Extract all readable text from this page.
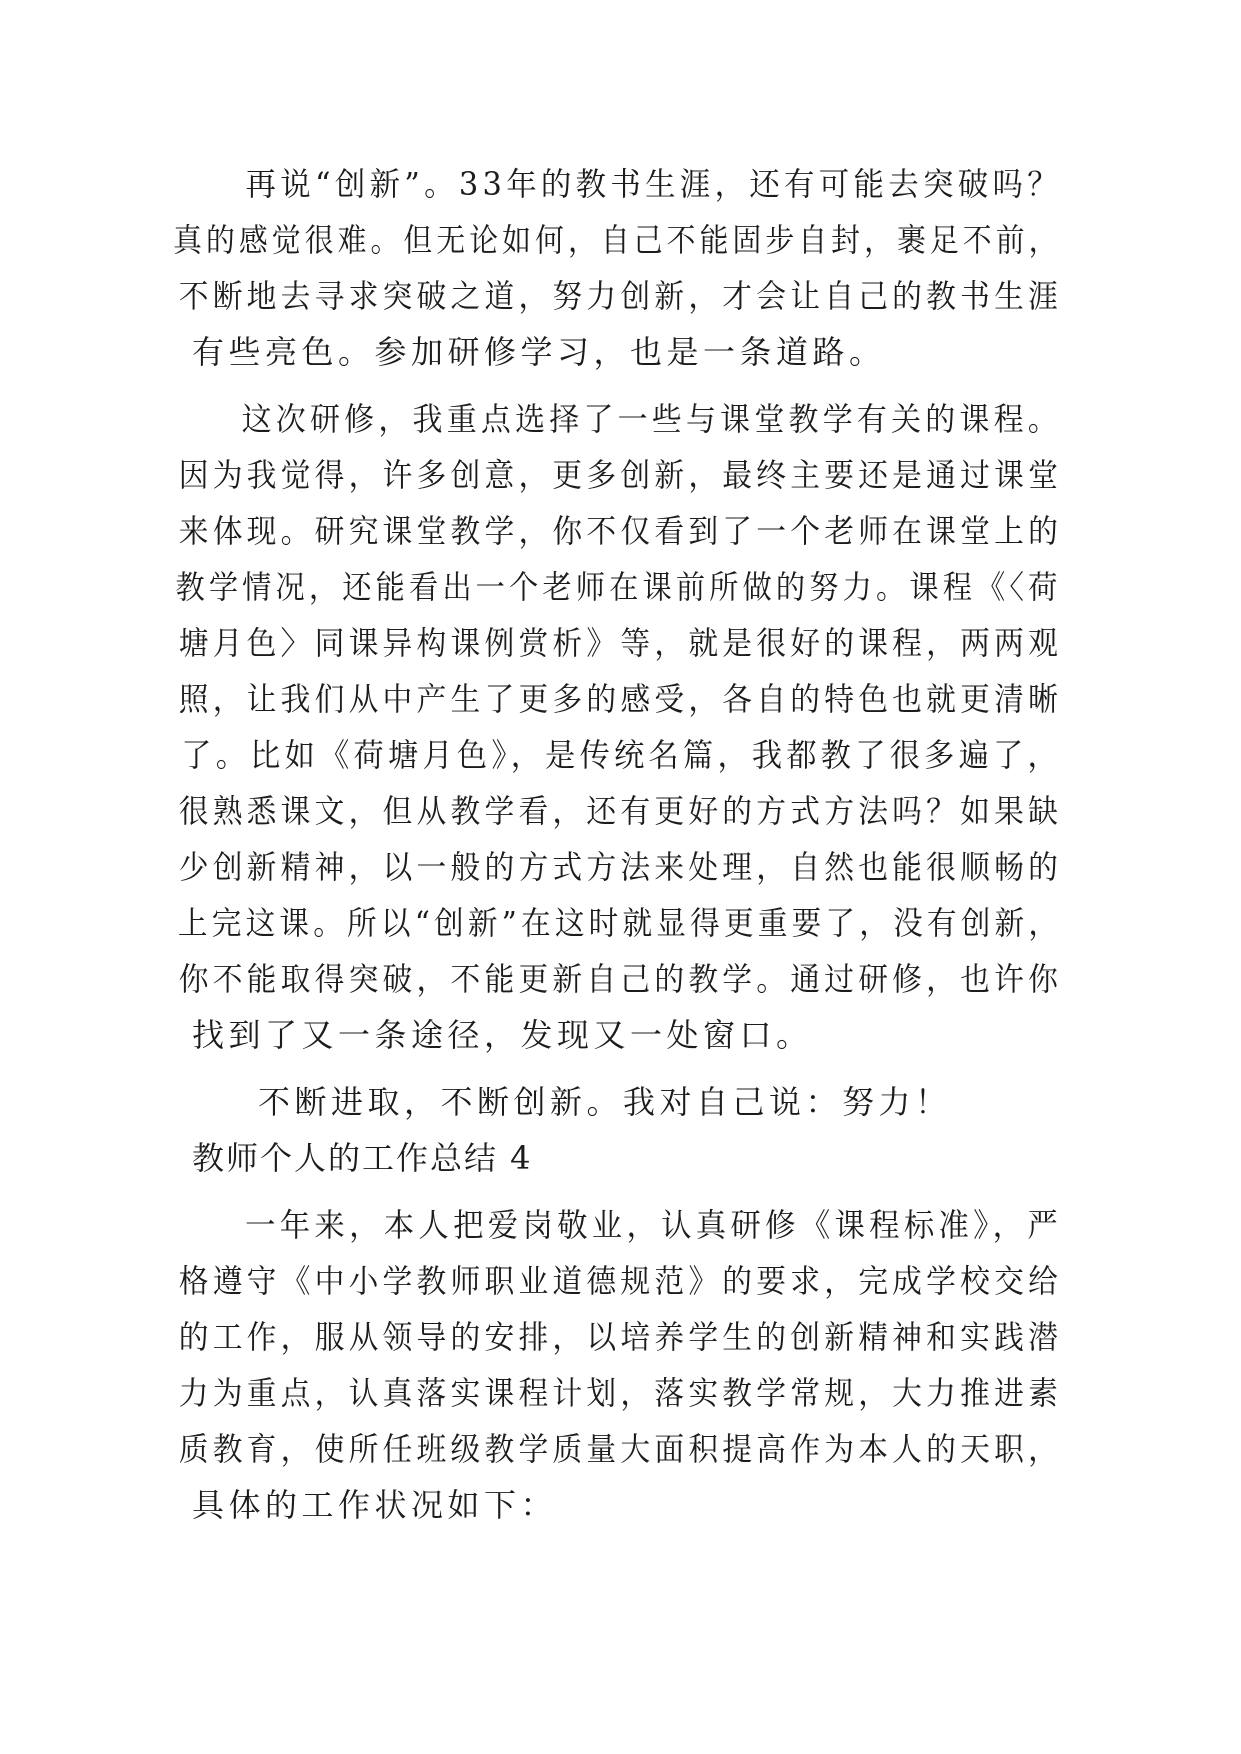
再说“创新”。33年的教书生涯，还有可能去突破吗？
真的感觉很难。但无论如何，自己不能固步自封，裹足不前，
不断地去寻求突破之道，努力创新，才会让自己的教书生涯
有些亮色。参加研修学习，也是一条道路。
这次研修，我重点选择了一些与课堂教学有关的课程。
因为我觉得，许多创意，更多创新，最终主要还是通过课堂
来体现。研究课堂教学，你不仅看到了一个老师在课堂上的
教学情况，还能看出一个老师在课前所做的努力。课程《〈荷
塘月色〉同课异构课例赏析》等，就是很好的课程，两两观
照，让我们从中产生了更多的感受，各自的特色也就更清晰
了。比如《荷塘月色》，是传统名篇，我都教了很多遍了，
很熟悉课文，但从教学看，还有更好的方式方法吗？如果缺
少创新精神，以一般的方式方法来处理，自然也能很顺畅的
上完这课。所以“创新”在这时就显得更重要了，没有创新，
你不能取得突破，不能更新自己的教学。通过研修，也许你
找到了又一条途径，发现又一处窗口。
不断进取，不断创新。我对自己说：努力！
教师个人的工作总结 4
一年来，本人把爱岗敬业，认真研修《课程标准》，严
格遵守《中小学教师职业道德规范》的要求，完成学校交给
的工作，服从领导的安排，以培养学生的创新精神和实践潜
力为重点，认真落实课程计划，落实教学常规，大力推进素
质教育，使所任班级教学质量大面积提高作为本人的天职，
具体的工作状况如下：
